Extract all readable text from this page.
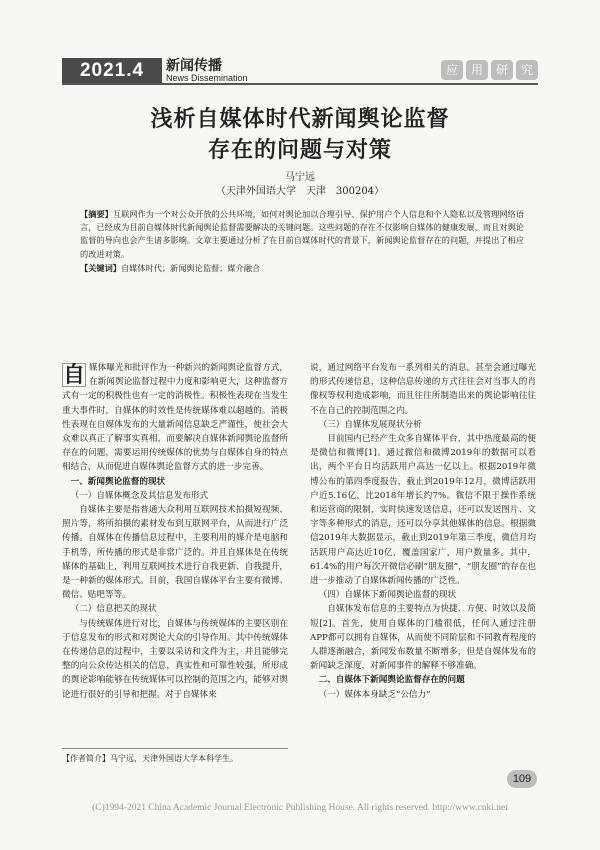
2021.4	新闻传播
News Dissemination
应	用	研	究
浅析自媒体时代新闻舆论监督
存在的问题与对策
马宁远
（天津外国语大学　天津　300204）
【摘要】互联网作为一个对公众开放的公共环境，如何对舆论加以合理引导、保护用户个人信息和个人隐私以及管理网络语言，已经成为目前自媒体时代新闻舆论监督需要解决的关键问题。这些问题的存在不仅影响自媒体的健康发展，而且对舆论监督的导向也会产生诸多影响。文章主要通过分析了在目前自媒体时代的背景下，新闻舆论监督存在的问题，并提出了相应的改进对策。
【关键词】自媒体时代；新闻舆论监督；媒介融合

自 媒体曝光和批评作为一种新兴的新闻舆论监督方式，在新闻舆论监督过程中力度和影响更大，这种监督方式有一定的积极性也有一定的消极性。积极性表现在当发生重大事件时，自媒体的时效性是传统媒体难以超越的。消极性表现在自媒体发布的大量新闻信息缺乏严谨性，使社会大众难以真正了解事实真相，而要解决自媒体新闻舆论监督所存在的问题，需要运用传统媒体的优势与自媒体自身的特点相结合，从而促进自媒体舆论监督方式的进一步完善。

一、新闻舆论监督的现状

（一）自媒体概念及其信息发布形式

自媒体主要是指普通大众利用互联网技术拍摄短视频、照片等，将所拍摄的素材发布到互联网平台，从而进行广泛传播。自媒体在传播信息过程中，主要利用的媒介是电脑和手机等，所传播的形式是非常广泛的。并且自媒体是在传统媒体的基础上，利用互联网技术进行自我更新、自我提升，是一种新的媒体形式。目前，我国自媒体平台主要有微博、微信、贴吧等等。

（二）信息把关的现状

与传统媒体进行对比，自媒体与传统媒体的主要区别在于信息发布的形式和对舆论大众的引导作用。其中传统媒体在传递信息的过程中，主要以采访和文件为主，并且能够完整的向公众传达相关的信息，真实性和可靠性较强，所形成的舆论影响能够在传统媒体可以控制的范围之内，能够对舆论进行很好的引导和把握。对于自媒体来

说，通过网络平台发布一系列相关的消息，甚至会通过曝光的形式传递信息，这种信息传递的方式往往会对当事人的肖像权等权利造成影响，而且往往所制造出来的舆论影响往往不在自己的控制范围之内。

（三）自媒体发展现状分析

目前国内已经产生众多自媒体平台，其中热度最高的便是微信和微博[1]。通过微信和微博2019年的数据可以看出，两个平台日均活跃用户高达一亿以上。根据2019年微博公布的第四季度报告，截止到2019年12月，微博活跃用户近5.16亿，比2018年增长约7%。微信不限于操作系统和运营商的限制，实时快速发送信息，还可以发送图片、文字等多种形式的消息，还可以分享其他媒体的信息。根据微信2019年大数据显示，截止到2019年第三季度，微信月均活跃用户高达近10亿，覆盖国家广，用户数量多。其中，61.4%的用户每次开微信必刷“朋友圈”，“朋友圈”的存在也进一步推动了自媒体新闻传播的广泛性。

（四）自媒体下新闻舆论监督的现状

自媒体发布信息的主要特点为快捷、方便、时效以及简短[2]。首先，使用自媒体的门槛很低，任何人通过注册APP都可以拥有自媒体，从而使不同阶层和不同教育程度的人群逐渐融合，新闻发布数量不断增多，但是自媒体发布的新闻缺乏深度，对新闻事件的解释不够准确。

二、自媒体下新闻舆论监督存在的问题

（一）媒体本身缺乏“公信力”

【作者简介】马宁远，天津外国语大学本科学生。
109
(C)1994-2021 China Academic Journal Electronic Publishing House. All rights reserved. http://www.cnki.net
